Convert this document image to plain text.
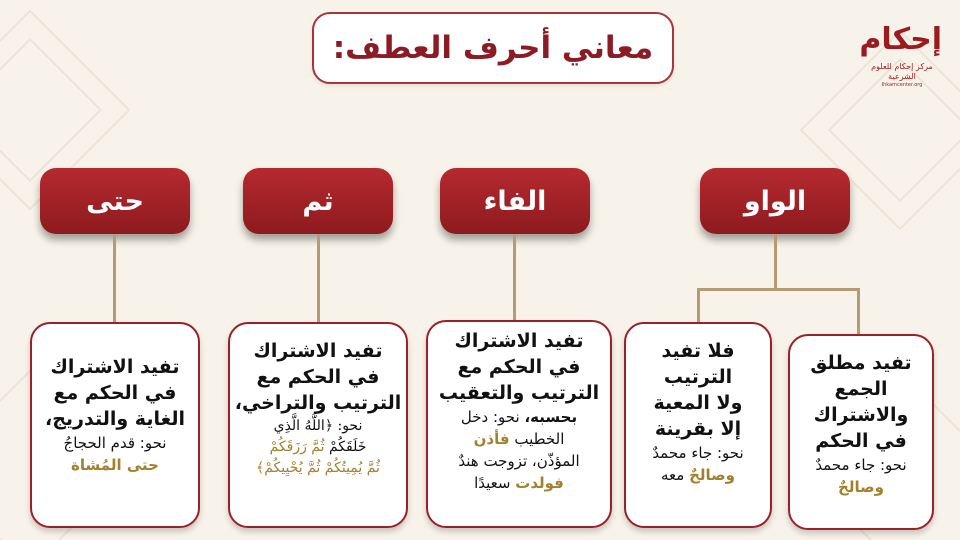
معاني أحرف العطف:	إحكام
مركز إحكام للعلوم الشرعية
Ihkamcenter.org
الواو
الفاء
ثم
حتى
تفيد مطلق
الجمع
والاشتراك
في الحكم
نحو: جاء محمدٌ
وصالحٌ
فلا تفيد
الترتيب
ولا المعية
إلا بقرينة
نحو: جاء محمدٌ
وصالحٌ معه
تفيد الاشتراك
في الحكم مع
الترتيب والتعقيب
بحسبه، نحو: دخل
الخطيب فأذن
المؤذّن، تزوجت هندٌ
فولدت سعيدًا
تفيد الاشتراك
في الحكم مع
الترتيب والتراخي،
نحو: ﴿اللَّهُ الَّذِي
خَلَقَكُمْ ثُمَّ رَزَقَكُمْ
ثُمَّ يُمِيتُكُمْ ثُمَّ يُحْيِيكُمْ﴾
تفيد الاشتراك
في الحكم مع
الغاية والتدريج،
نحو: قدم الحجاجُ
حتى المُشاة
